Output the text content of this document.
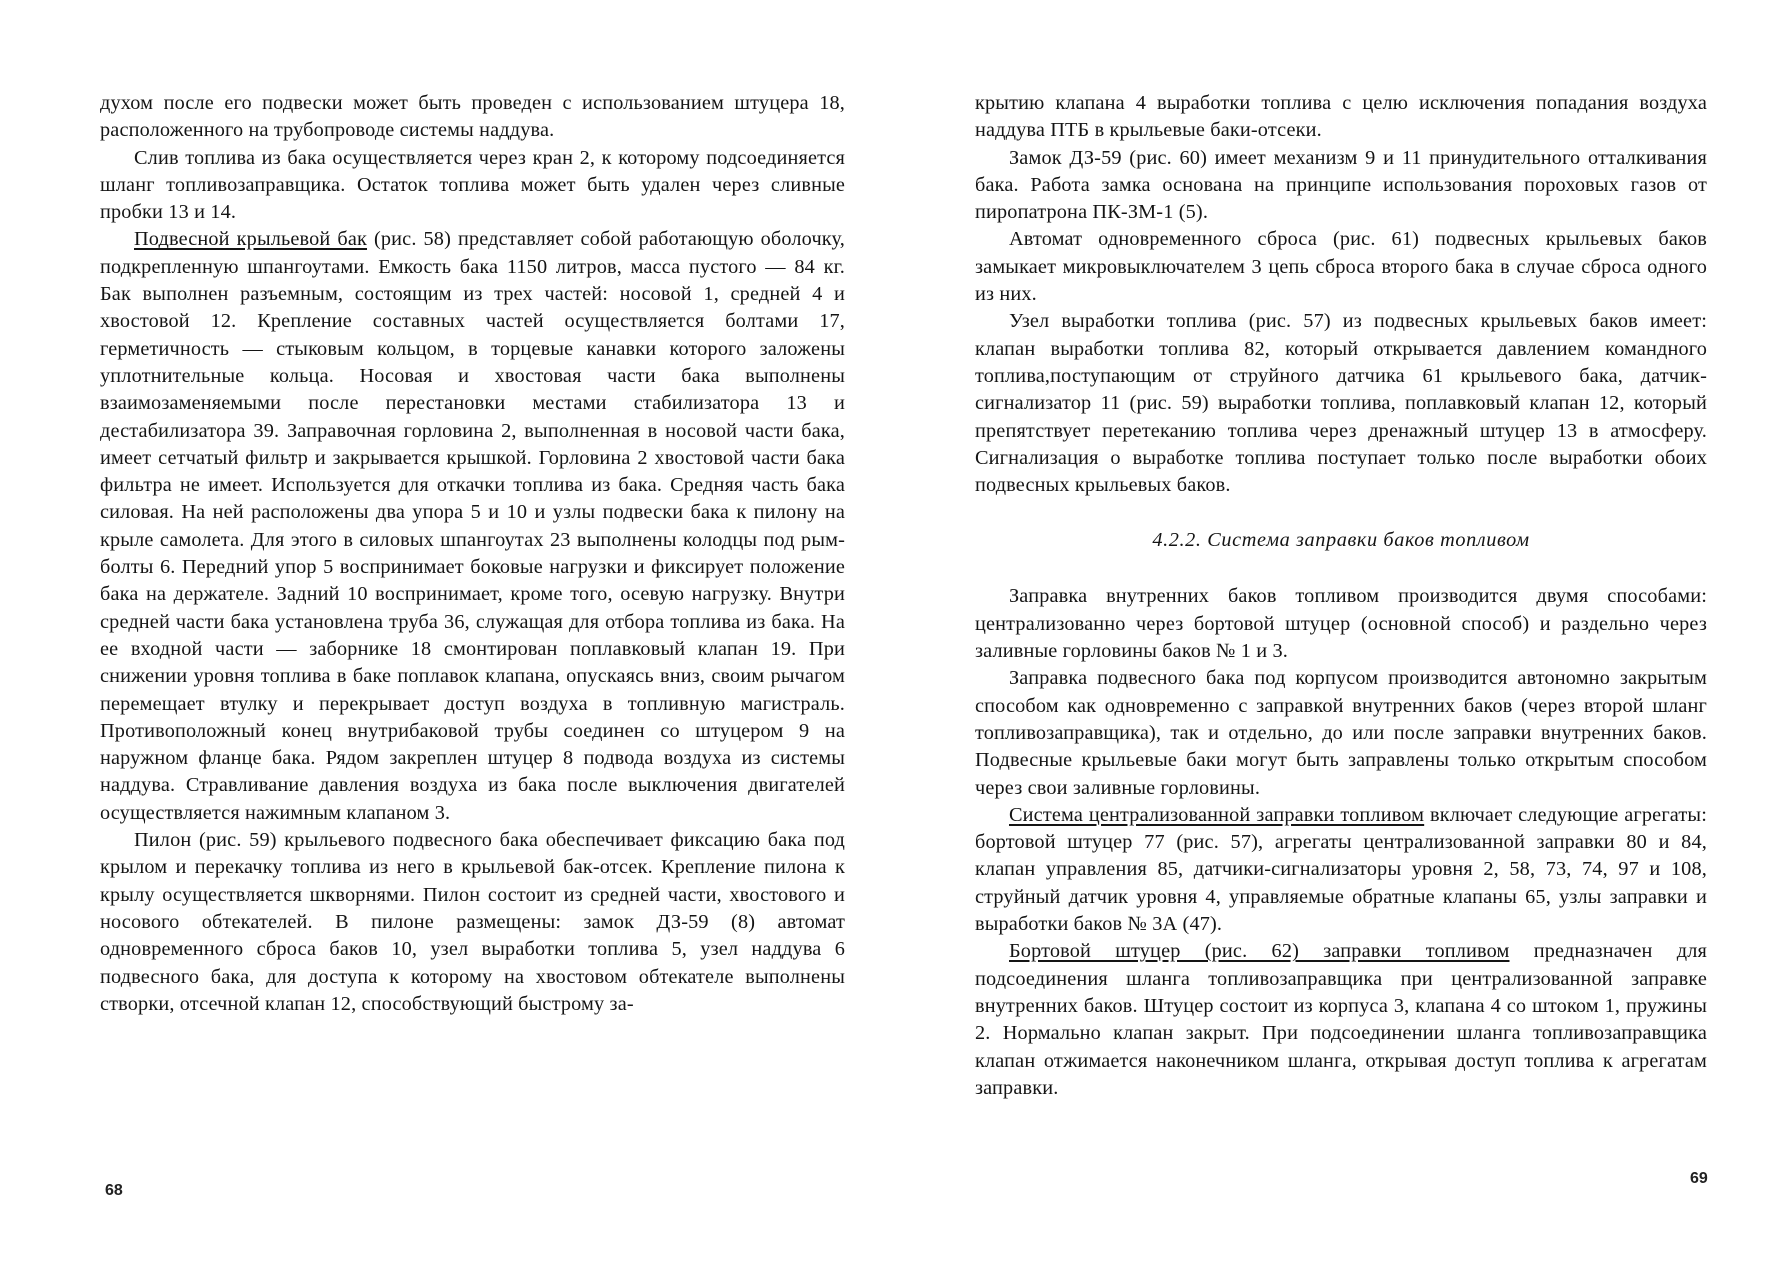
духом после его подвески может быть проведен с использованием штуцера 18, расположенного на трубопроводе системы наддува.

Слив топлива из бака осуществляется через кран 2, к которому подсоединяется шланг топливозаправщика. Остаток топлива может быть удален через сливные пробки 13 и 14.

Подвесной крыльевой бак (рис. 58) представляет собой работающую оболочку, подкрепленную шпангоутами. Емкость бака 1150 литров, масса пустого — 84 кг. Бак выполнен разъемным, состоящим из трех частей: носовой 1, средней 4 и хвостовой 12. Крепление составных частей осуществляется болтами 17, герметичность — стыковым кольцом, в торцевые канавки которого заложены уплотнительные кольца. Носовая и хвостовая части бака выполнены взаимозаменяемыми после перестановки местами стабилизатора 13 и дестабилизатора 39. Заправочная горловина 2, выполненная в носовой части бака, имеет сетчатый фильтр и закрывается крышкой. Горловина 2 хвостовой части бака фильтра не имеет. Используется для откачки топлива из бака. Средняя часть бака силовая. На ней расположены два упора 5 и 10 и узлы подвески бака к пилону на крыле самолета. Для этого в силовых шпангоутах 23 выполнены колодцы под рым-болты 6. Передний упор 5 воспринимает боковые нагрузки и фиксирует положение бака на держателе. Задний 10 воспринимает, кроме того, осевую нагрузку. Внутри средней части бака установлена труба 36, служащая для отбора топлива из бака. На ее входной части — заборнике 18 смонтирован поплавковый клапан 19. При снижении уровня топлива в баке поплавок клапана, опускаясь вниз, своим рычагом перемещает втулку и перекрывает доступ воздуха в топливную магистраль. Противоположный конец внутрибаковой трубы соединен со штуцером 9 на наружном фланце бака. Рядом закреплен штуцер 8 подвода воздуха из системы наддува. Стравливание давления воздуха из бака после выключения двигателей осуществляется нажимным клапаном 3.

Пилон (рис. 59) крыльевого подвесного бака обеспечивает фиксацию бака под крылом и перекачку топлива из него в крыльевой бак-отсек. Крепление пилона к крылу осуществляется шкворнями. Пилон состоит из средней части, хвостового и носового обтекателей. В пилоне размещены: замок ДЗ-59 (8) автомат одновременного сброса баков 10, узел выработки топлива 5, узел наддува 6 подвесного бака, для доступа к которому на хвостовом обтекателе выполнены створки, отсечной клапан 12, способствующий быстрому за-

крытию клапана 4 выработки топлива с целю исключения попадания воздуха наддува ПТБ в крыльевые баки-отсеки.

Замок ДЗ-59 (рис. 60) имеет механизм 9 и 11 принудительного отталкивания бака. Работа замка основана на принципе использования пороховых газов от пиропатрона ПК-ЗМ-1 (5).

Автомат одновременного сброса (рис. 61) подвесных крыльевых баков замыкает микровыключателем 3 цепь сброса второго бака в случае сброса одного из них.

Узел выработки топлива (рис. 57) из подвесных крыльевых баков имеет: клапан выработки топлива 82, который открывается давлением командного топлива,поступающим от струйного датчика 61 крыльевого бака, датчик-сигнализатор 11 (рис. 59) выработки топлива, поплавковый клапан 12, который препятствует перетеканию топлива через дренажный штуцер 13 в атмосферу. Сигнализация о выработке топлива поступает только после выработки обоих подвесных крыльевых баков.

4.2.2. Система заправки баков топливом

Заправка внутренних баков топливом производится двумя способами: централизованно через бортовой штуцер (основной способ) и раздельно через заливные горловины баков № 1 и 3.

Заправка подвесного бака под корпусом производится автономно закрытым способом как одновременно с заправкой внутренних баков (через второй шланг топливозаправщика), так и отдельно, до или после заправки внутренних баков. Подвесные крыльевые баки могут быть заправлены только открытым способом через свои заливные горловины.

Система централизованной заправки топливом включает следующие агрегаты: бортовой штуцер 77 (рис. 57), агрегаты централизованной заправки 80 и 84, клапан управления 85, датчики-сигнализаторы уровня 2, 58, 73, 74, 97 и 108, струйный датчик уровня 4, управляемые обратные клапаны 65, узлы заправки и выработки баков № 3А (47).

Бортовой штуцер (рис. 62) заправки топливом предназначен для подсоединения шланга топливозаправщика при централизованной заправке внутренних баков. Штуцер состоит из корпуса 3, клапана 4 со штоком 1, пружины 2. Нормально клапан закрыт. При подсоединении шланга топливозаправщика клапан отжимается наконечником шланга, открывая доступ топлива к агрегатам заправки.

68
69
